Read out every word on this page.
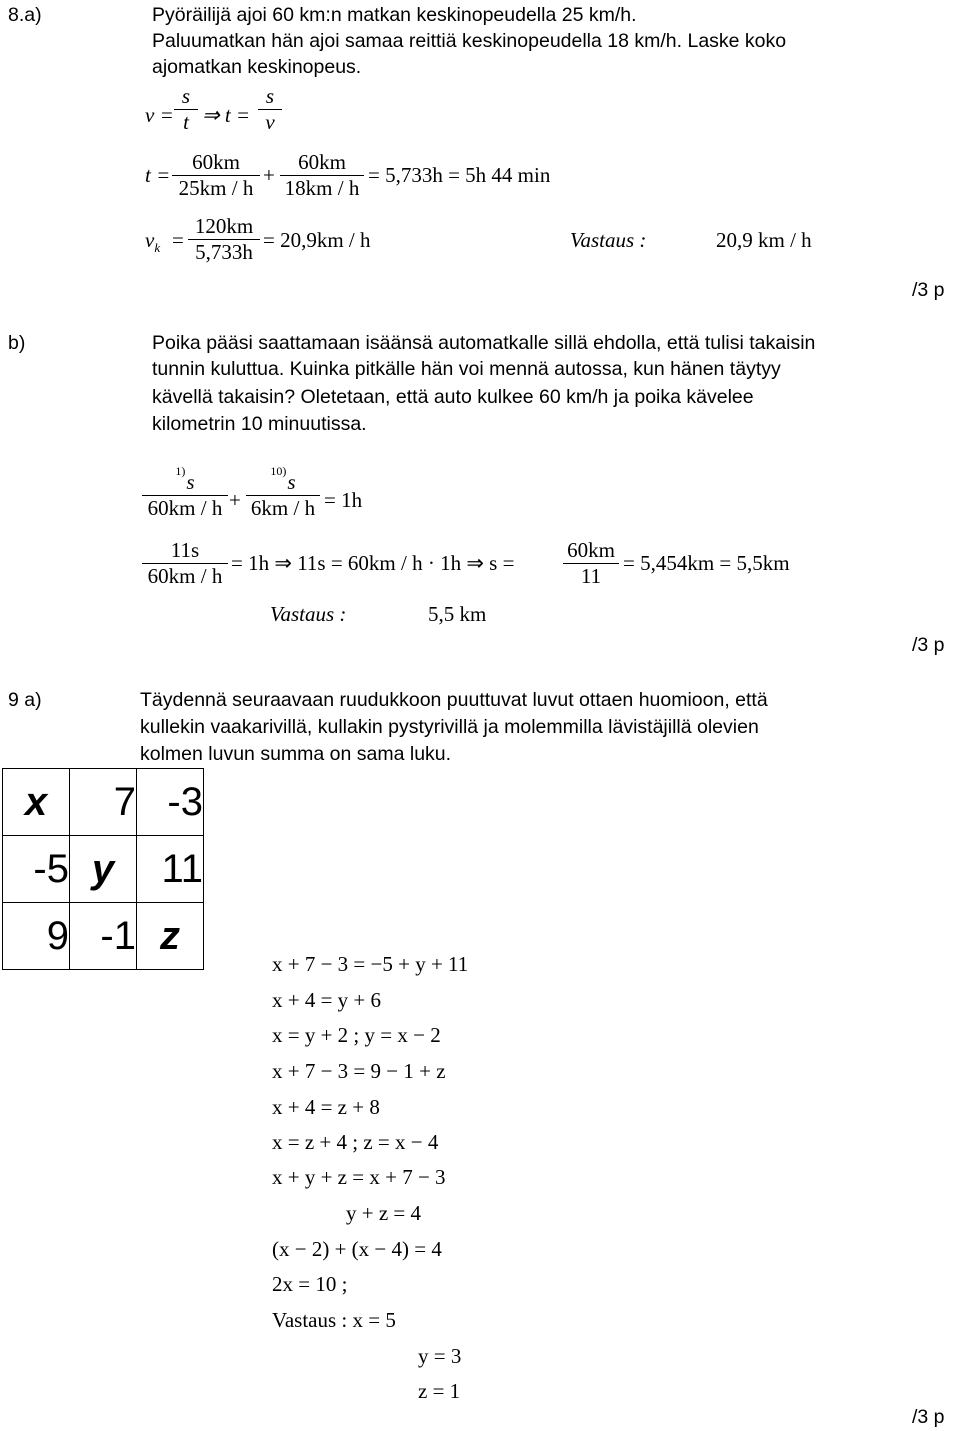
8.a)	Pyöräilijä ajoi 60 km:n matkan keskinopeudella 25 km/h.
Paluumatkan hän ajoi samaa reittiä keskinopeudella 18 km/h. Laske koko
ajomatkan keskinopeus.
$v = \frac{s}{t}$ ⇒ $t = \frac{s}{v}$
$t = \frac{60km}{25km / h} + \frac{60km}{18km / h} = 5,733h = 5h$ 44 min
$v_k = \frac{120km}{5,733h} = 20,9km / h$	Vastaus :	20,9 km / h
/3 p
b)	Poika pääsi saattamaan isäänsä automatkalle sillä ehdolla, että tulisi takaisin
tunnin kuluttua. Kuinka pitkälle hän voi mennä autossa, kun hänen täytyy
kävellä takaisin? Oletetaan, että auto kulkee 60 km/h ja poika kävelee
kilometrin 10 minuutissa.
$\frac{^{1)}s}{60km / h} + \frac{^{10)}s}{6km / h} = 1h$
$\frac{11s}{60km / h} = 1h$ ⇒ 11s = 60km / h · 1h ⇒ $s = \frac{60km}{11} = 5,454km = 5,5km$
Vastaus :	5,5 km
/3 p
9 a)	Täydennä seuraavaan ruudukkoon puuttuvat luvut ottaen huomioon, että
kullekin vaakarivillä, kullakin pystyrivillä ja molemmilla lävistäjillä olevien
kolmen luvun summa on sama luku.
x	7	-3
-5	y	11
9	-1	z
x + 7 − 3 = −5 + y + 11
x + 4 = y + 6
x = y + 2 ; y = x − 2
x + 7 − 3 = 9 − 1 + z
x + 4 = z + 8
x = z + 4 ; z = x − 4
x + y + z = x + 7 − 3
y + z = 4
(x − 2) + (x − 4) = 4
2x = 10 ;
Vastaus : x = 5
y = 3
z = 1
/3 p
